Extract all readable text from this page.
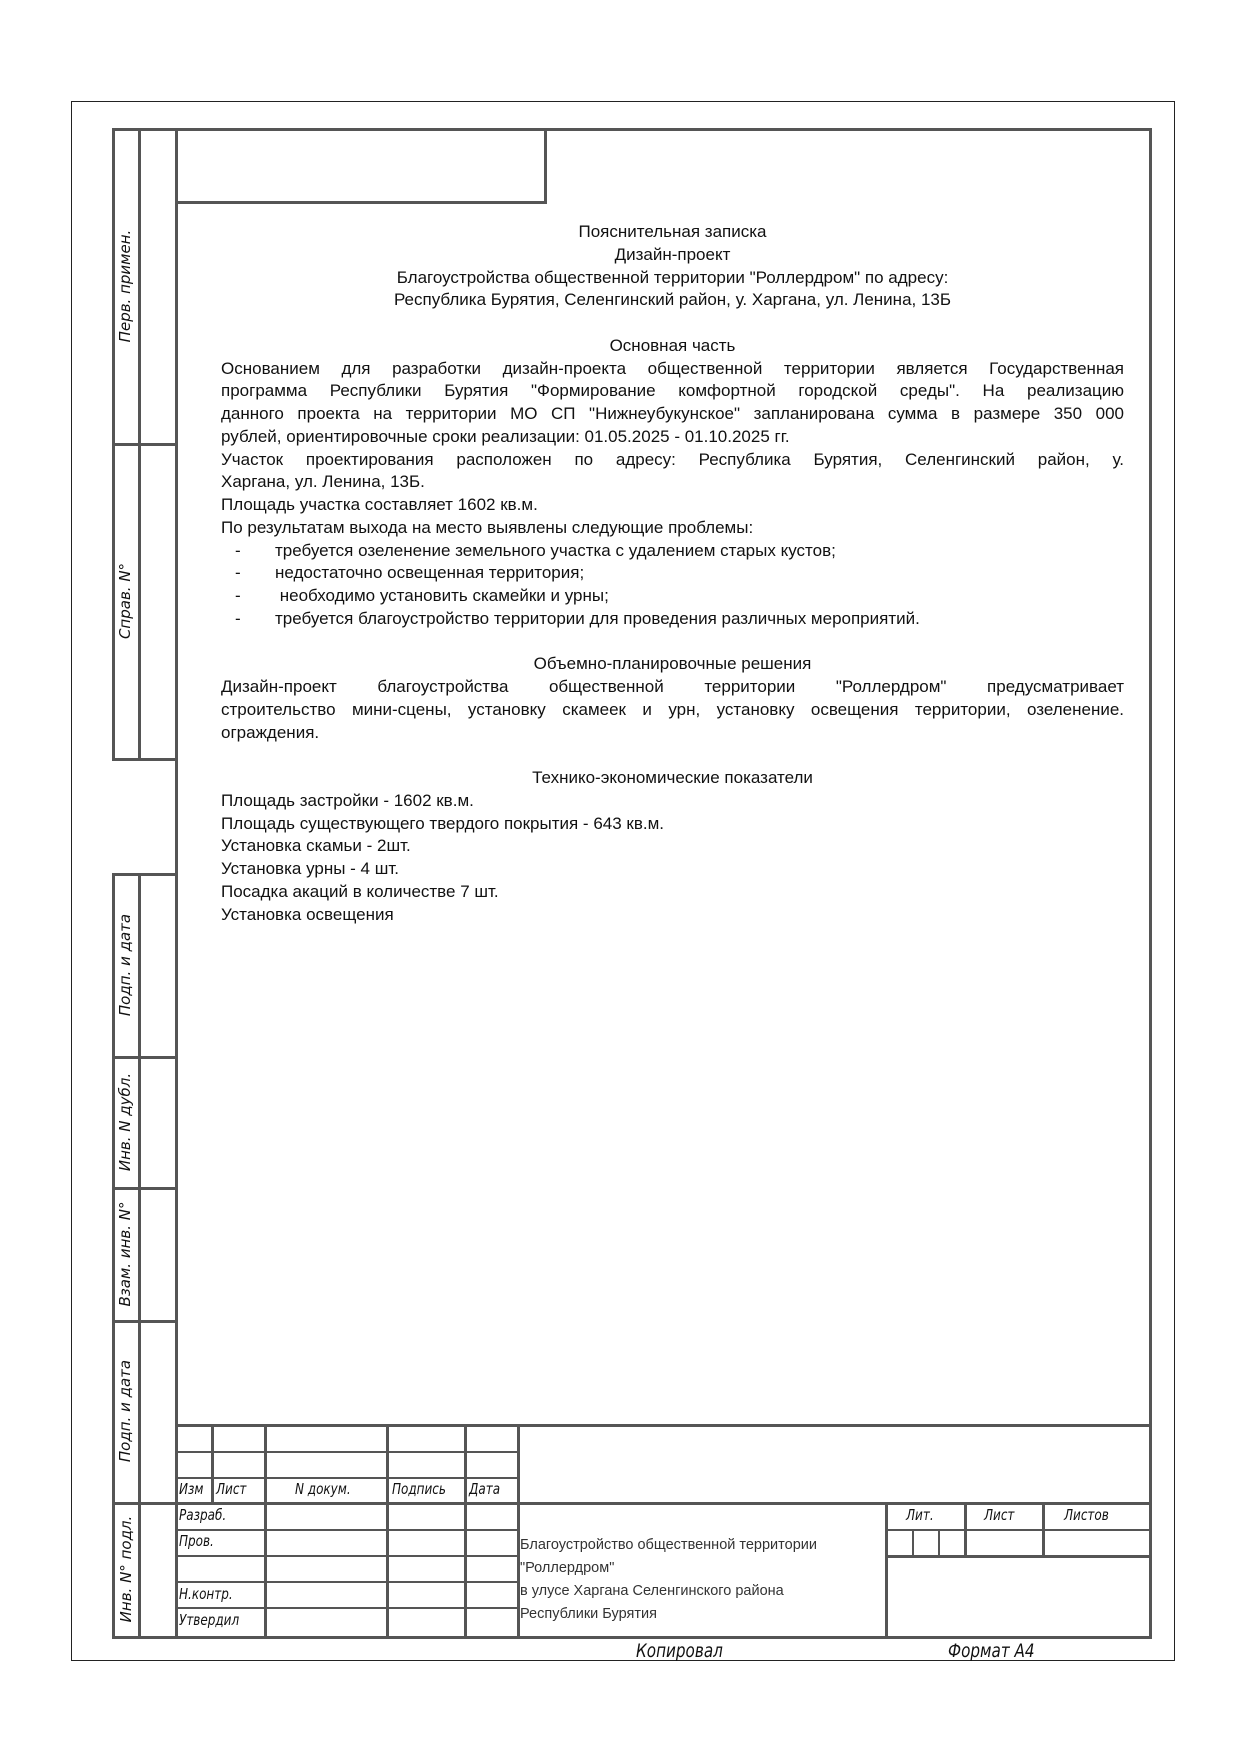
Перв. примен.
Справ. N°
Подп. и дата
Инв. N дубл.
Взам. инв. N°
Подп. и дата
Инв. N° подл.
Пояснительная записка
Дизайн-проект
Благоустройства общественной территории "Роллердром" по адресу:
Республика Бурятия, Селенгинский район, у. Харгана, ул. Ленина, 13Б
Основная часть
Основанием для разработки дизайн-проекта общественной территории является Государственная
программа Республики Бурятия "Формирование комфортной городской среды". На реализацию
данного проекта на территории МО СП "Нижнеубукунское" запланирована сумма в размере 350 000
рублей, ориентировочные сроки реализации: 01.05.2025 - 01.10.2025 гг.
Участок проектирования расположен по адресу: Республика Бурятия, Селенгинский район, у.
Харгана, ул. Ленина, 13Б.
Площадь участка составляет 1602 кв.м.
По результатам выхода на место выявлены следующие проблемы:
- требуется озеленение земельного участка с удалением старых кустов;
- недостаточно освещенная территория;
- необходимо установить скамейки и урны;
- требуется благоустройство территории для проведения различных мероприятий.
Объемно-планировочные решения
Дизайн-проект благоустройства общественной территории "Роллердром" предусматривает
строительство мини-сцены, установку скамеек и урн, установку освещения территории, озеленение.
ограждения.
Технико-экономические показатели
Площадь застройки - 1602 кв.м.
Площадь существующего твердого покрытия - 643 кв.м.
Установка скамьи - 2шт.
Установка урны - 4 шт.
Посадка акаций в количестве 7 шт.
Установка освещения
Изм Лист	N докум.	Подпись Дата
Разраб.
Пров.
Н.контр.
Утвердил
Лит.	Лист	Листов
Благоустройство общественной территории
"Роллердром"
в улусе Харгана Селенгинского района
Республики Бурятия
Копировал	Формат А4
